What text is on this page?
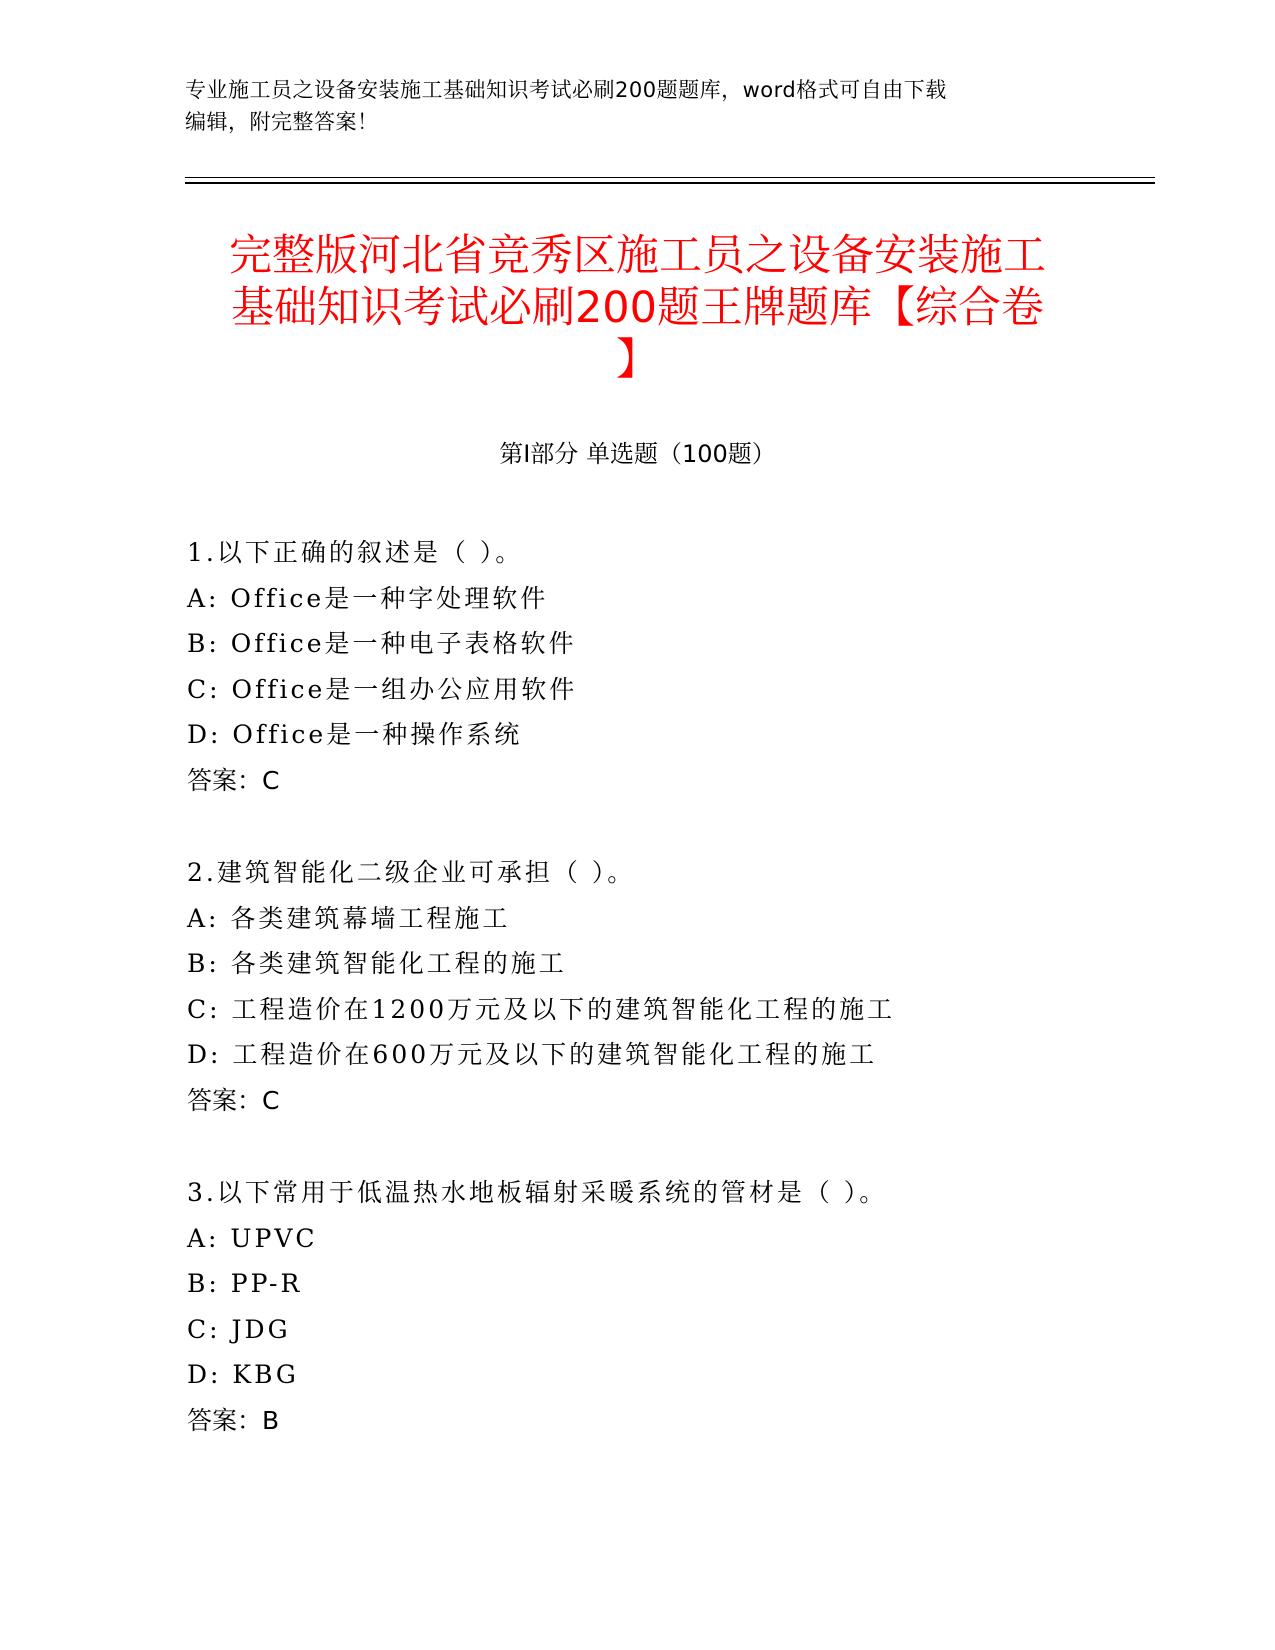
专业施工员之设备安装施工基础知识考试必刷200题题库，word格式可自由下载
编辑，附完整答案！
完整版河北省竞秀区施工员之设备安装施工
基础知识考试必刷200题王牌题库【综合卷
】
第I部分 单选题（100题）
1.以下正确的叙述是（ ）。
A: Office是一种字处理软件
B: Office是一种电子表格软件
C: Office是一组办公应用软件
D: Office是一种操作系统
答案：C
2.建筑智能化二级企业可承担（ ）。
A: 各类建筑幕墙工程施工
B: 各类建筑智能化工程的施工
C: 工程造价在1200万元及以下的建筑智能化工程的施工
D: 工程造价在600万元及以下的建筑智能化工程的施工
答案：C
3.以下常用于低温热水地板辐射采暖系统的管材是（ ）。
A: UPVC
B: PP-R
C: JDG
D: KBG
答案：B
